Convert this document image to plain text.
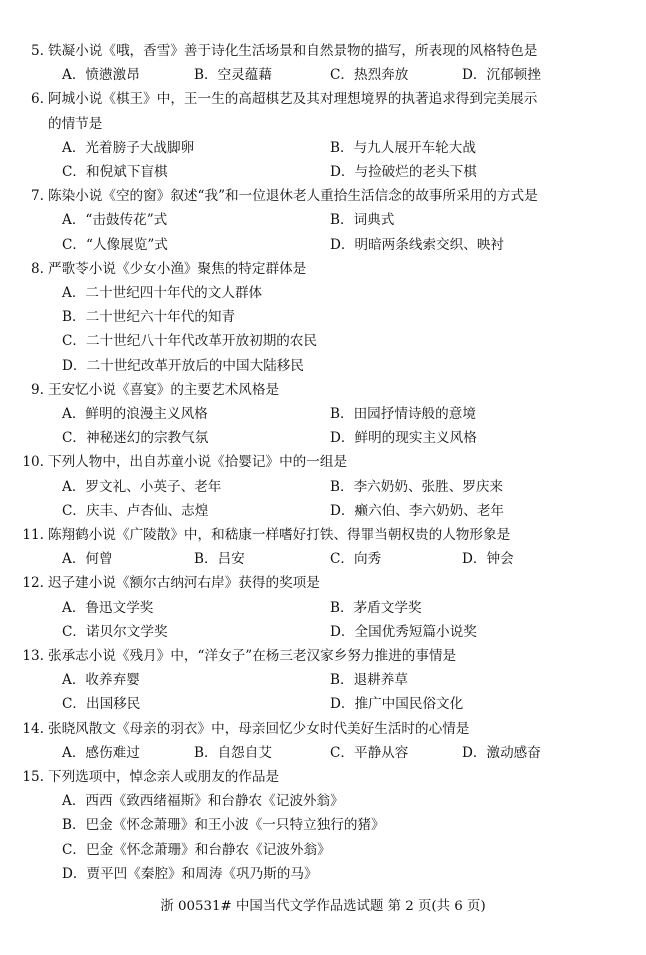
浙 00531# 中国当代文学作品选试题 第 2 页(共 6 页)
5. 铁凝小说《哦，香雪》善于诗化生活场景和自然景物的描写，所表现的风格特色是
A．愤懑激昂	B．空灵蕴藉	C．热烈奔放	D．沉郁顿挫
6. 阿城小说《棋王》中，王一生的高超棋艺及其对理想境界的执著追求得到完美展示
的情节是
A．光着膀子大战脚卵	B．与九人展开车轮大战
C．和倪斌下盲棋	D．与捡破烂的老头下棋
7. 陈染小说《空的窗》叙述“我”和一位退休老人重拾生活信念的故事所采用的方式是
A．“击鼓传花”式	B．词典式
C．“人像展览”式	D．明暗两条线索交织、映衬
8. 严歌苓小说《少女小渔》聚焦的特定群体是
A．二十世纪四十年代的文人群体
B．二十世纪六十年代的知青
C．二十世纪八十年代改革开放初期的农民
D．二十世纪改革开放后的中国大陆移民
9. 王安忆小说《喜宴》的主要艺术风格是
A．鲜明的浪漫主义风格	B．田园抒情诗般的意境
C．神秘迷幻的宗教气氛	D．鲜明的现实主义风格
10. 下列人物中，出自苏童小说《拾婴记》中的一组是
A．罗文礼、小英子、老年	B．李六奶奶、张胜、罗庆来
C．庆丰、卢杏仙、志煌	D．癞六伯、李六奶奶、老年
11. 陈翔鹤小说《广陵散》中，和嵇康一样嗜好打铁、得罪当朝权贵的人物形象是
A．何曾	B．吕安	C．向秀	D．钟会
12. 迟子建小说《额尔古纳河右岸》获得的奖项是
A．鲁迅文学奖	B．茅盾文学奖
C．诺贝尔文学奖	D．全国优秀短篇小说奖
13. 张承志小说《残月》中，“洋女子”在杨三老汉家乡努力推进的事情是
A．收养弃婴	B．退耕养草
C．出国移民	D．推广中国民俗文化
14. 张晓风散文《母亲的羽衣》中，母亲回忆少女时代美好生活时的心情是
A．感伤难过	B．自怨自艾	C．平静从容	D．激动感奋
15. 下列选项中，悼念亲人或朋友的作品是
A．西西《致西绪福斯》和台静农《记波外翁》
B．巴金《怀念萧珊》和王小波《一只特立独行的猪》
C．巴金《怀念萧珊》和台静农《记波外翁》
D．贾平凹《秦腔》和周涛《巩乃斯的马》
